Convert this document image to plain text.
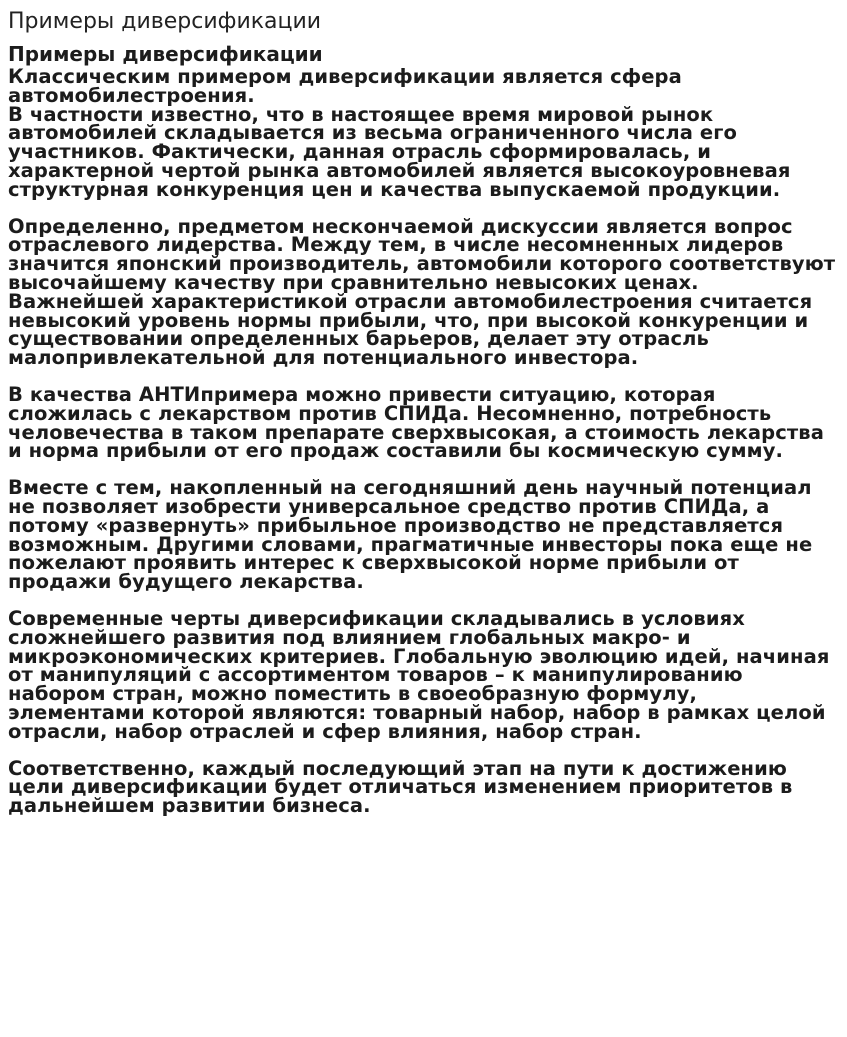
Примеры диверсификации
Примеры диверсификации
Классическим примером диверсификации является сфера автомобилестроения.
В частности известно, что в настоящее время мировой рынок автомобилей складывается из весьма ограниченного числа его участников. Фактически, данная отрасль сформировалась, и характерной чертой рынка автомобилей является высокоуровневая структурная конкуренция цен и качества выпускаемой продукции.
Определенно, предметом нескончаемой дискуссии является вопрос отраслевого лидерства. Между тем, в числе несомненных лидеров значится японский производитель, автомобили которого соответствуют высочайшему качеству при сравнительно невысоких ценах. Важнейшей характеристикой отрасли автомобилестроения считается невысокий уровень нормы прибыли, что, при высокой конкуренции и существовании определенных барьеров, делает эту отрасль малопривлекательной для потенциального инвестора.
В качества АНТИпримера можно привести ситуацию, которая сложилась с лекарством против СПИДа. Несомненно, потребность человечества в таком препарате сверхвысокая, а стоимость лекарства и норма прибыли от его продаж составили бы космическую сумму.
Вместе с тем, накопленный на сегодняшний день научный потенциал не позволяет изобрести универсальное средство против СПИДа, а потому «развернуть» прибыльное производство не представляется возможным. Другими словами, прагматичные инвесторы пока еще не пожелают проявить интерес к сверхвысокой норме прибыли от продажи будущего лекарства.
Современные черты диверсификации складывались в условиях сложнейшего развития под влиянием глобальных макро- и микроэкономических критериев. Глобальную эволюцию идей, начиная от манипуляций с ассортиментом товаров – к манипулированию набором стран, можно поместить в своеобразную формулу, элементами которой являются: товарный набор, набор в рамках целой отрасли, набор отраслей и сфер влияния, набор стран.
Соответственно, каждый последующий этап на пути к достижению цели диверсификации будет отличаться изменением приоритетов в дальнейшем развитии бизнеса.
